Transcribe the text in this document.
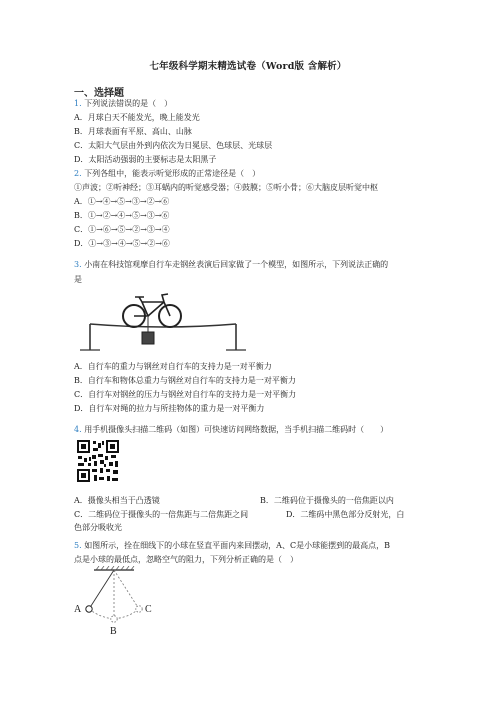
七年级科学期末精选试卷（Word版 含解析）
一、选择题
1. 下列说法错误的是（　）
A．月球白天不能发光，晚上能发光
B．月球表面有平原、高山、山脉
C．太阳大气层由外到内依次为日冕层、色球层、光球层
D．太阳活动强弱的主要标志是太阳黑子
2. 下列各组中，能表示听觉形成的正常途径是（　）
①声波；②听神经；③耳蜗内的听觉感受器；④鼓膜；⑤听小骨；⑥大脑皮层听觉中枢
A．①→④→⑤→③→②→⑥
B．①→②→④→⑤→③→⑥
C．①→⑥→⑤→②→③→④
D．①→③→④→⑤→②→⑥
3. 小南在科技馆观摩自行车走钢丝表演后回家做了一个模型，如图所示，下列说法正确的
是
A．自行车的重力与钢丝对自行车的支持力是一对平衡力
B．自行车和物体总重力与钢丝对自行车的支持力是一对平衡力
C．自行车对钢丝的压力与钢丝对自行车的支持力是一对平衡力
D．自行车对绳的拉力与所挂物体的重力是一对平衡力
4. 用手机摄像头扫描二维码（如图）可快速访问网络数据，当手机扫描二维码时（　　）
A．摄像头相当于凸透镜	B．二维码位于摄像头的一倍焦距以内
C．二维码位于摄像头的一倍焦距与二倍焦距之间	D．二维码中黑色部分反射光，白
色部分吸收光
5. 如图所示，拴在细线下的小球在竖直平面内来回摆动，A、C是小球能摆到的最高点，B
点是小球的最低点，忽略空气的阻力，下列分析正确的是（　）
A
B
C
